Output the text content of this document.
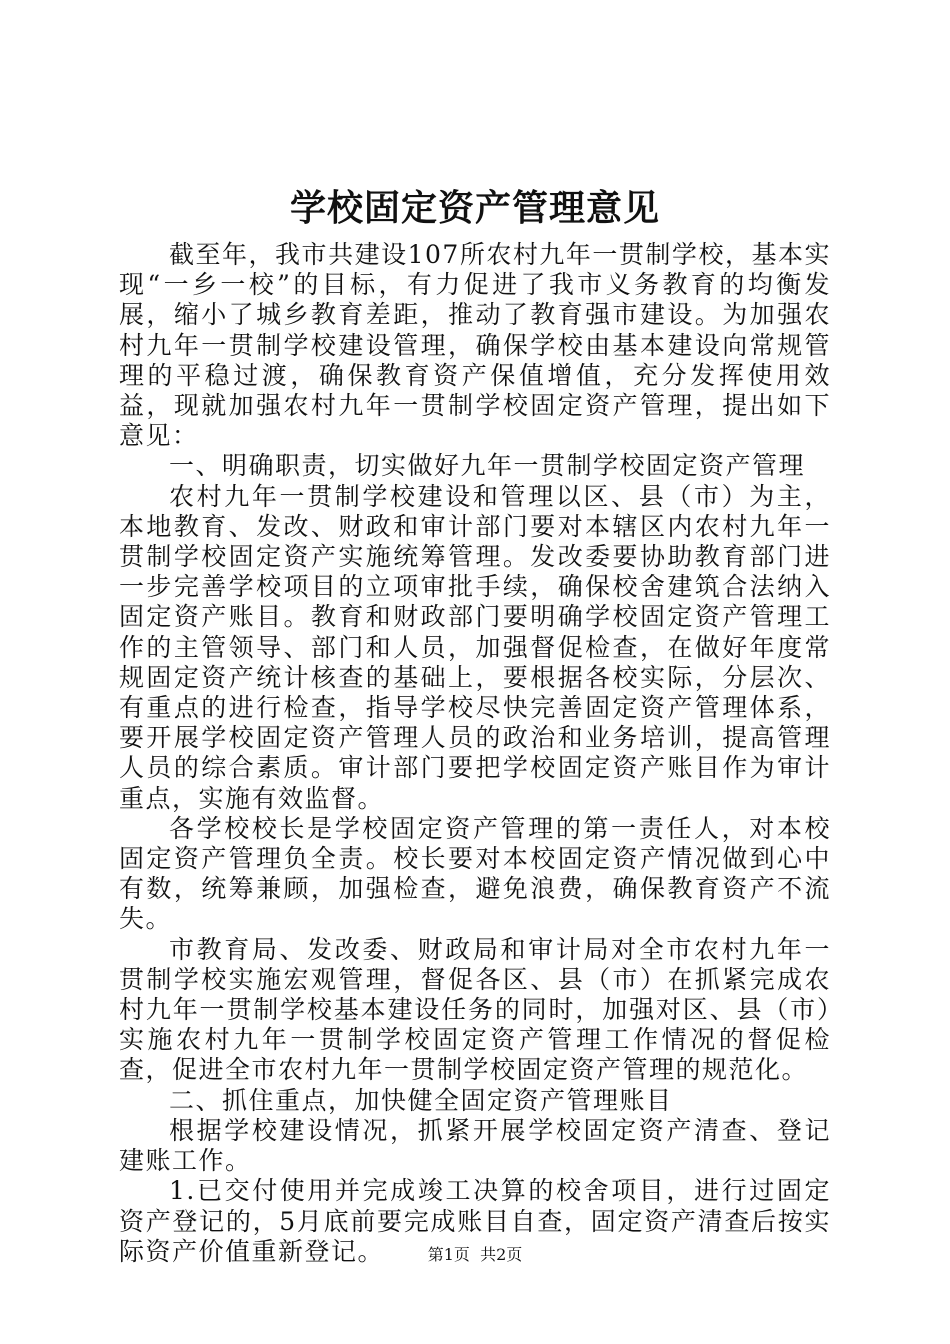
学校固定资产管理意见

截至年，我市共建设107所农村九年一贯制学校，基本实现“一乡一校”的目标，有力促进了我市义务教育的均衡发展，缩小了城乡教育差距，推动了教育强市建设。为加强农村九年一贯制学校建设管理，确保学校由基本建设向常规管理的平稳过渡，确保教育资产保值增值，充分发挥使用效益，现就加强农村九年一贯制学校固定资产管理，提出如下意见：

一、明确职责，切实做好九年一贯制学校固定资产管理

农村九年一贯制学校建设和管理以区、县（市）为主，本地教育、发改、财政和审计部门要对本辖区内农村九年一贯制学校固定资产实施统筹管理。发改委要协助教育部门进一步完善学校项目的立项审批手续，确保校舍建筑合法纳入固定资产账目。教育和财政部门要明确学校固定资产管理工作的主管领导、部门和人员，加强督促检查，在做好年度常规固定资产统计核查的基础上，要根据各校实际，分层次、有重点的进行检查，指导学校尽快完善固定资产管理体系，要开展学校固定资产管理人员的政治和业务培训，提高管理人员的综合素质。审计部门要把学校固定资产账目作为审计重点，实施有效监督。

各学校校长是学校固定资产管理的第一责任人，对本校固定资产管理负全责。校长要对本校固定资产情况做到心中有数，统筹兼顾，加强检查，避免浪费，确保教育资产不流失。

市教育局、发改委、财政局和审计局对全市农村九年一贯制学校实施宏观管理，督促各区、县（市）在抓紧完成农村九年一贯制学校基本建设任务的同时，加强对区、县（市）实施农村九年一贯制学校固定资产管理工作情况的督促检查，促进全市农村九年一贯制学校固定资产管理的规范化。

二、抓住重点，加快健全固定资产管理账目

根据学校建设情况，抓紧开展学校固定资产清查、登记建账工作。

1.已交付使用并完成竣工决算的校舍项目，进行过固定资产登记的，5月底前要完成账目自查，固定资产清查后按实际资产价值重新登记。	第1页  共2页
